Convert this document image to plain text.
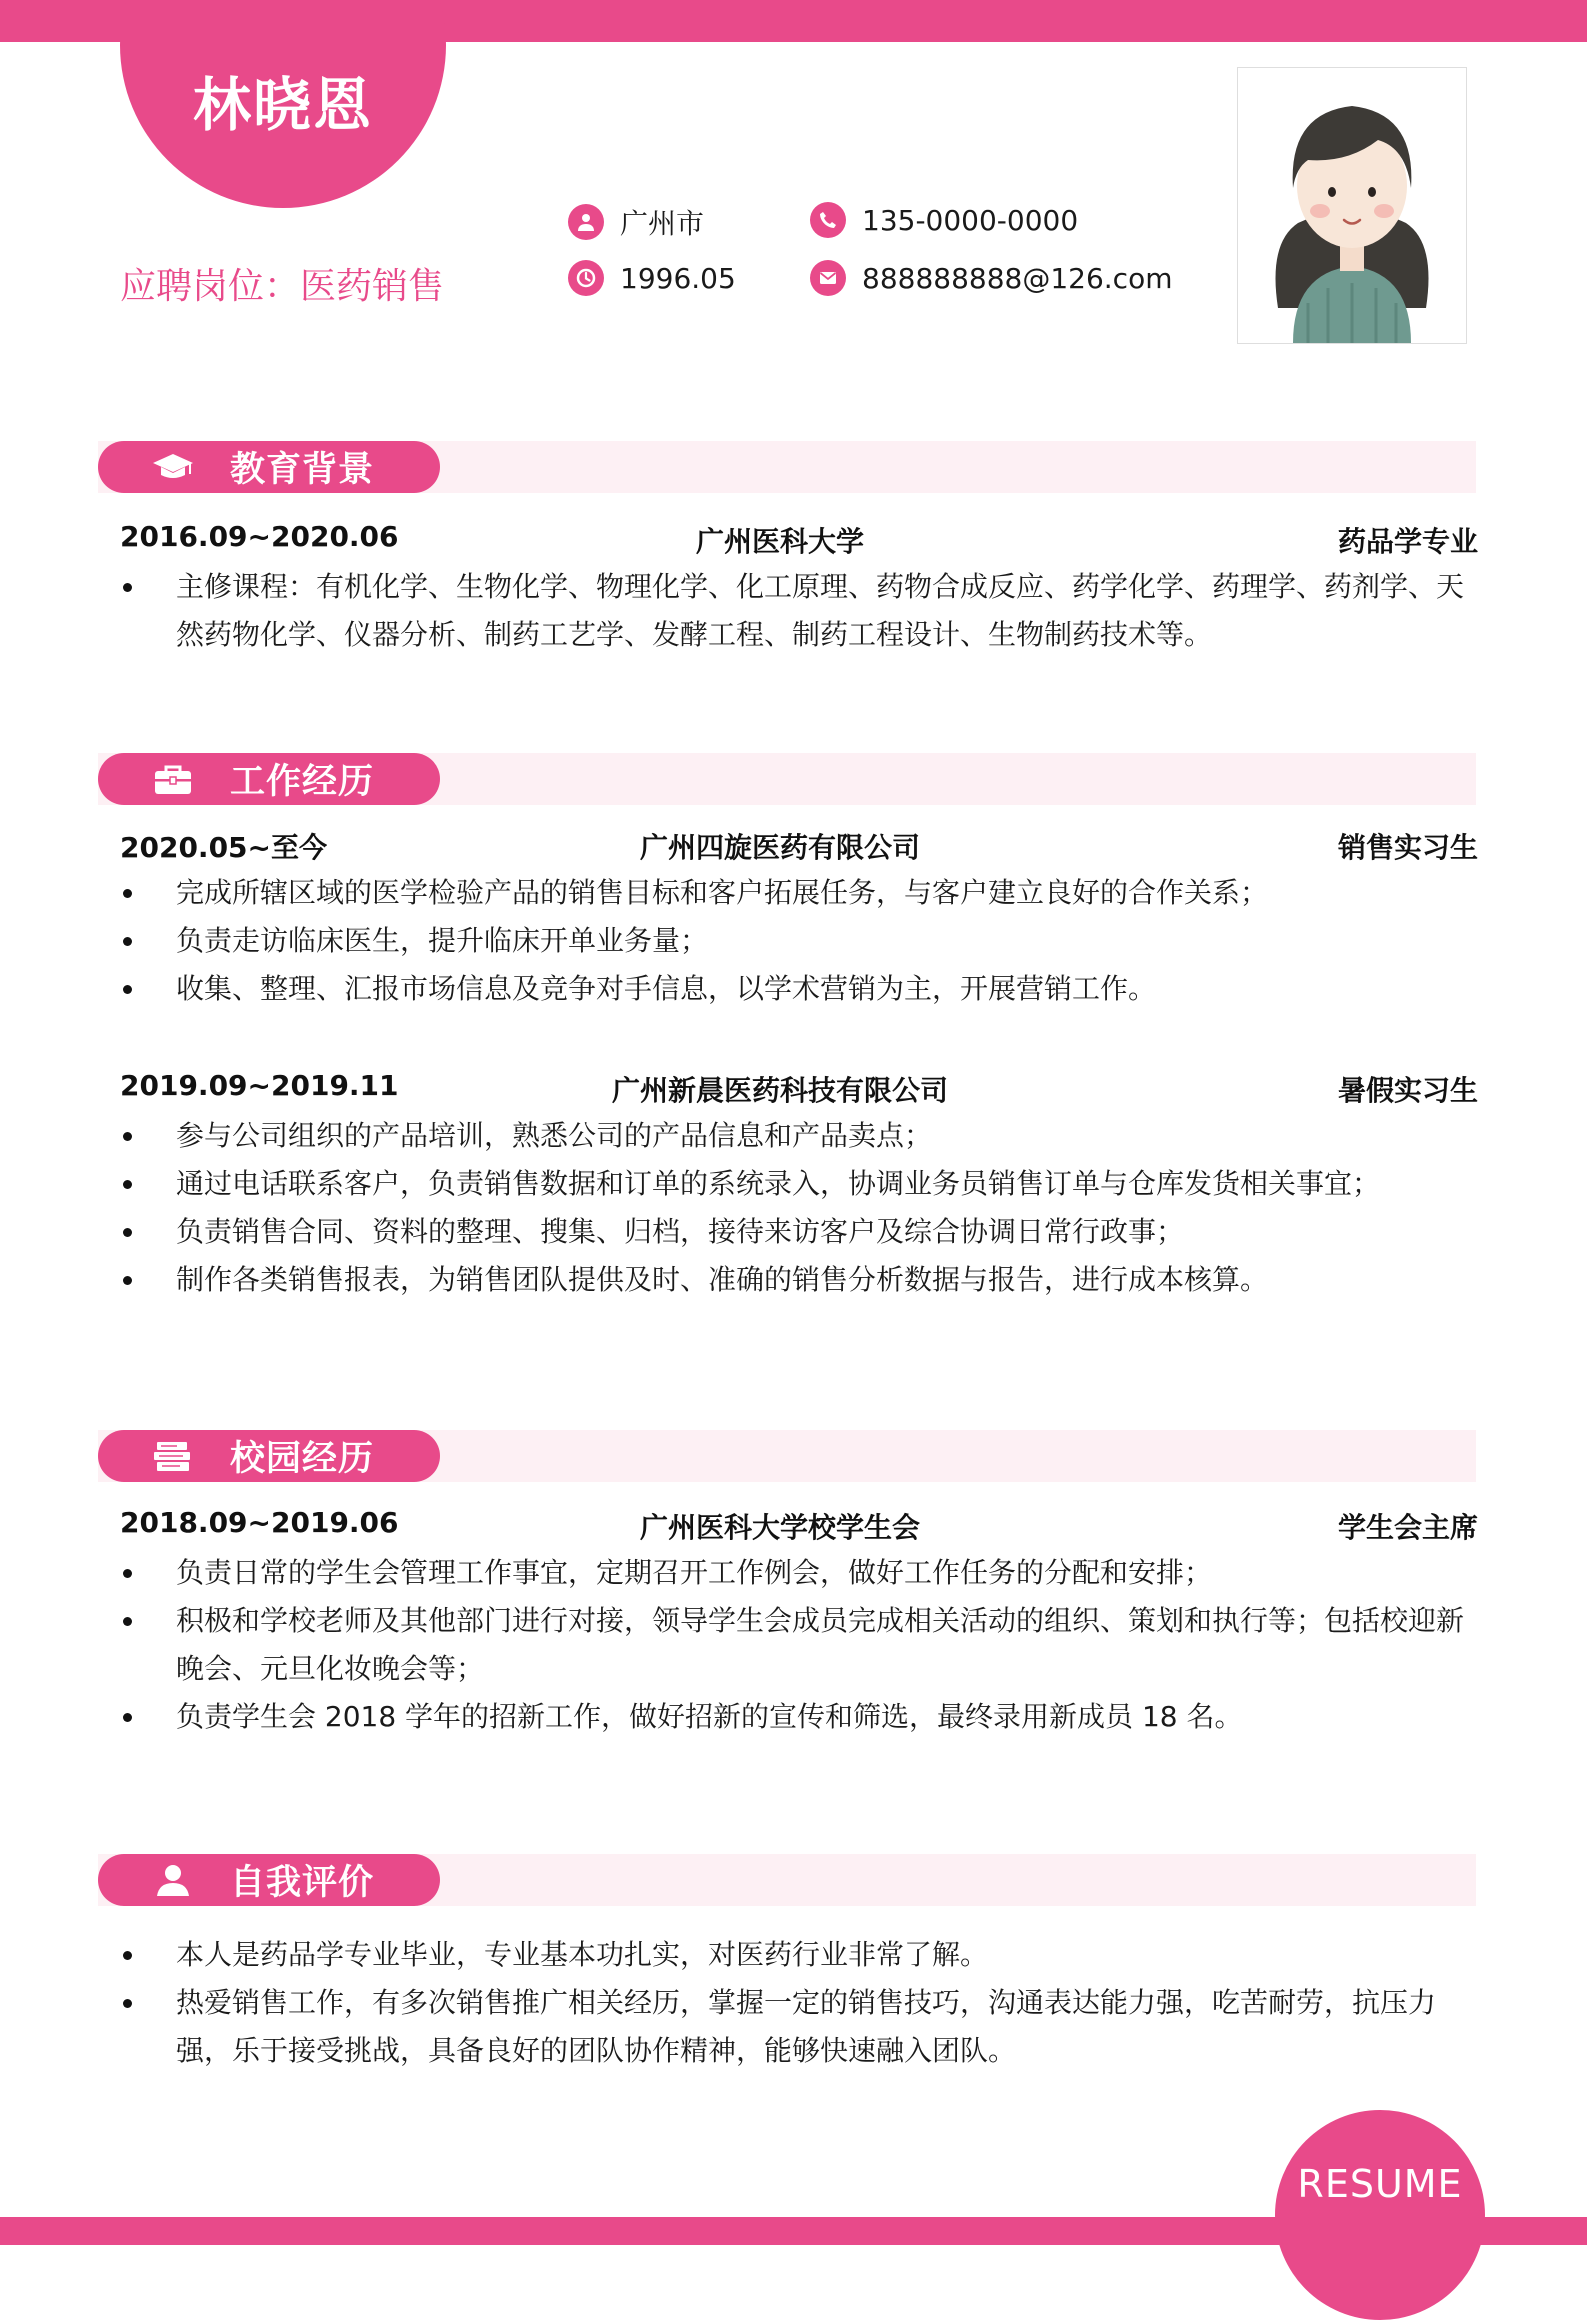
林晓恩
应聘岗位：医药销售
广州市
1996.05
135-0000-0000
888888888@126.com
教育背景
2016.09~2020.06	广州医科大学	药品学专业
主修课程：有机化学、生物化学、物理化学、化工原理、药物合成反应、药学化学、药理学、药剂学、天然药物化学、仪器分析、制药工艺学、发酵工程、制药工程设计、生物制药技术等。
工作经历
2020.05~至今	广州四旋医药有限公司	销售实习生
完成所辖区域的医学检验产品的销售目标和客户拓展任务，与客户建立良好的合作关系；
负责走访临床医生，提升临床开单业务量；
收集、整理、汇报市场信息及竞争对手信息，以学术营销为主，开展营销工作。
2019.09~2019.11	广州新晨医药科技有限公司	暑假实习生
参与公司组织的产品培训，熟悉公司的产品信息和产品卖点；
通过电话联系客户，负责销售数据和订单的系统录入，协调业务员销售订单与仓库发货相关事宜；
负责销售合同、资料的整理、搜集、归档，接待来访客户及综合协调日常行政事；
制作各类销售报表，为销售团队提供及时、准确的销售分析数据与报告，进行成本核算。
校园经历
2018.09~2019.06	广州医科大学校学生会	学生会主席
负责日常的学生会管理工作事宜，定期召开工作例会，做好工作任务的分配和安排；
积极和学校老师及其他部门进行对接，领导学生会成员完成相关活动的组织、策划和执行等；包括校迎新晚会、元旦化妆晚会等；
负责学生会 2018 学年的招新工作，做好招新的宣传和筛选，最终录用新成员 18 名。
自我评价
本人是药品学专业毕业，专业基本功扎实，对医药行业非常了解。
热爱销售工作，有多次销售推广相关经历，掌握一定的销售技巧，沟通表达能力强，吃苦耐劳，抗压力强，乐于接受挑战，具备良好的团队协作精神，能够快速融入团队。
RESUME
